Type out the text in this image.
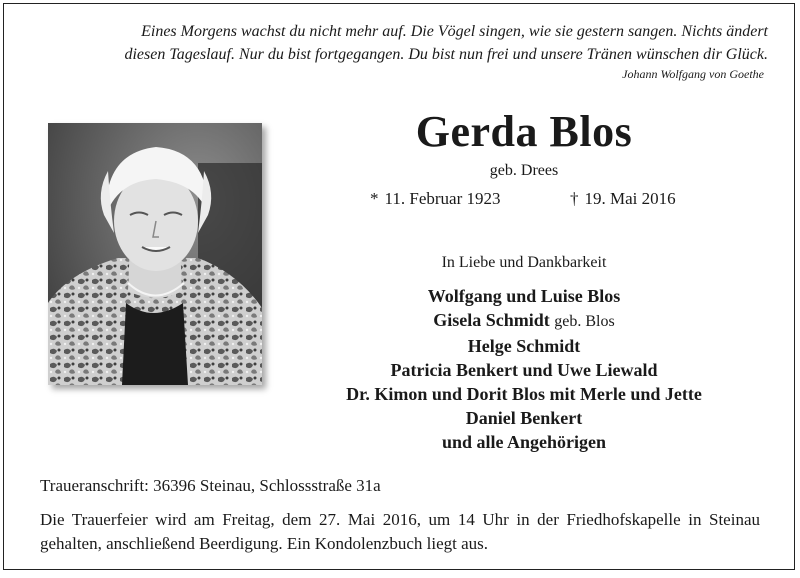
Eines Morgens wachst du nicht mehr auf. Die Vögel singen, wie sie gestern sangen. Nichts ändert
diesen Tageslauf. Nur du bist fortgegangen. Du bist nun frei und unsere Tränen wünschen dir Glück.
Johann Wolfgang von Goethe
Gerda Blos
geb. Drees
* 11. Februar 1923	† 19. Mai 2016
In Liebe und Dankbarkeit
Wolfgang und Luise Blos
Gisela Schmidt geb. Blos
Helge Schmidt
Patricia Benkert und Uwe Liewald
Dr. Kimon und Dorit Blos mit Merle und Jette
Daniel Benkert
und alle Angehörigen
Traueranschrift: 36396 Steinau, Schlossstraße 31a
Die Trauerfeier wird am Freitag, dem 27. Mai 2016, um 14 Uhr in der Friedhofskapelle in Steinau gehalten, anschließend Beerdigung. Ein Kondolenzbuch liegt aus.
